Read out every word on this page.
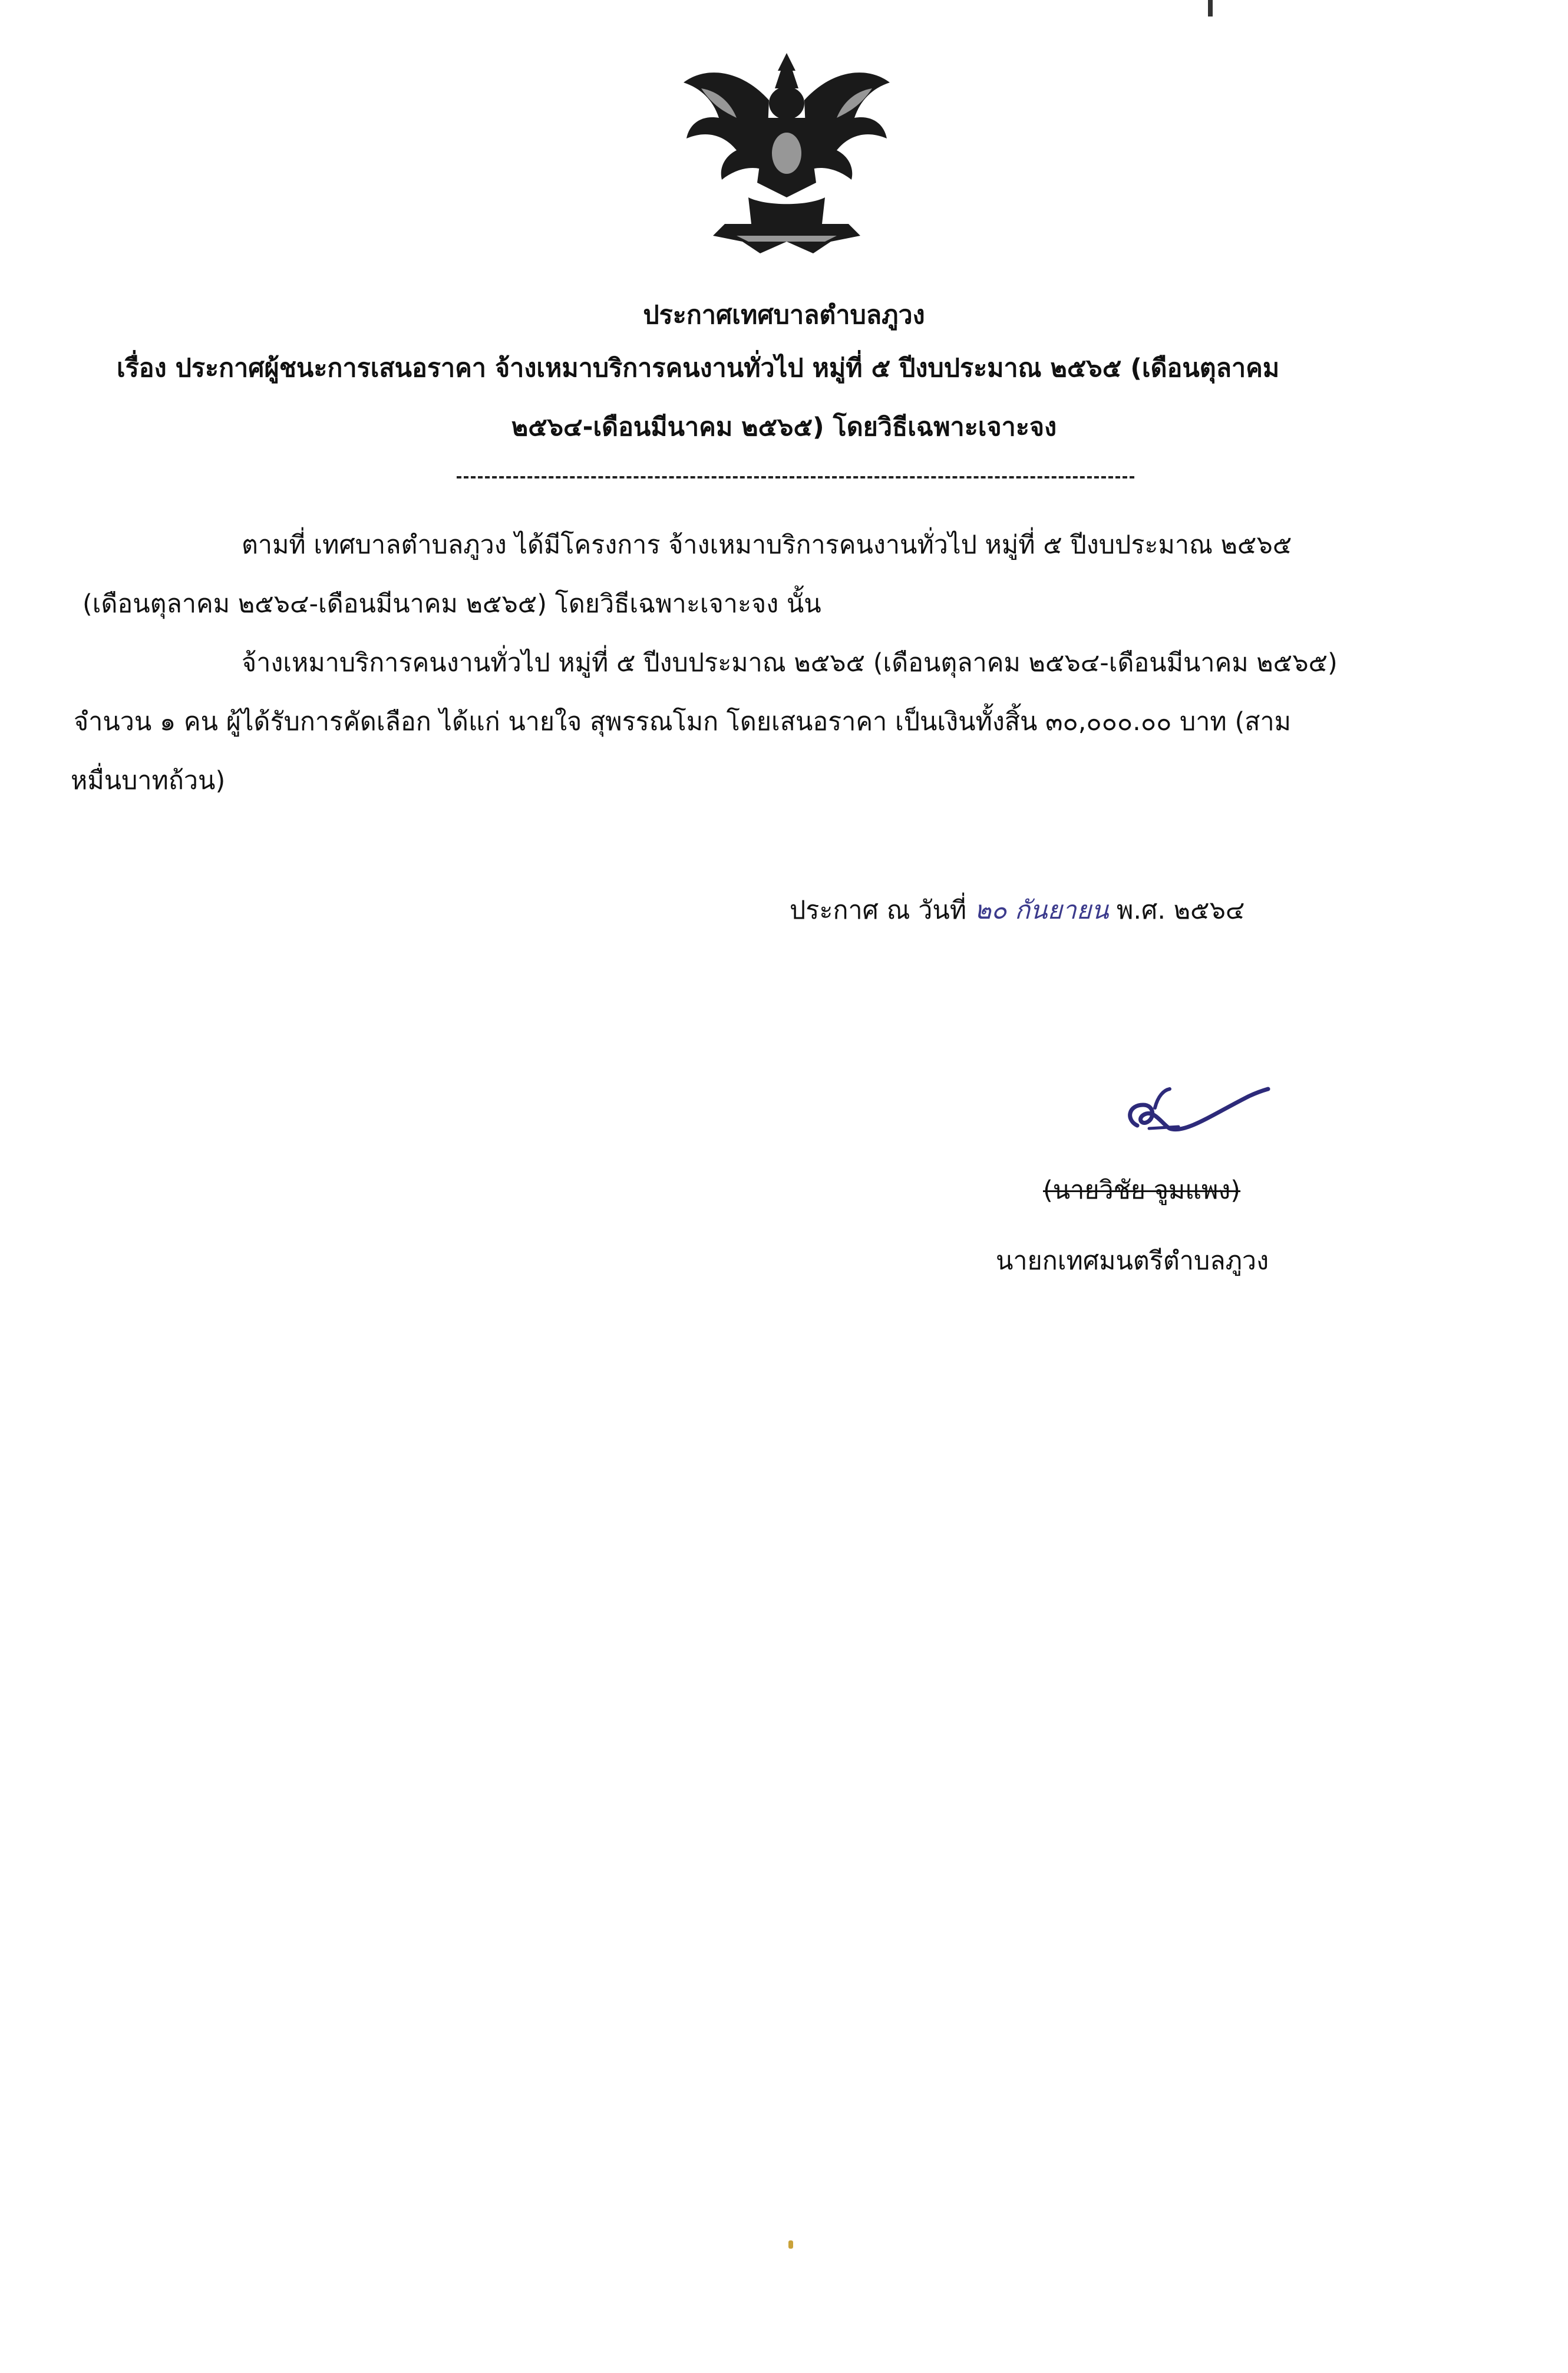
ประกาศเทศบาลตำบลภูวง
เรื่อง ประกาศผู้ชนะการเสนอราคา จ้างเหมาบริการคนงานทั่วไป หมู่ที่ ๕ ปีงบประมาณ ๒๕๖๕ (เดือนตุลาคม
๒๕๖๔-เดือนมีนาคม ๒๕๖๕) โดยวิธีเฉพาะเจาะจง
ตามที่ เทศบาลตำบลภูวง ได้มีโครงการ จ้างเหมาบริการคนงานทั่วไป หมู่ที่ ๕ ปีงบประมาณ ๒๕๖๕
(เดือนตุลาคม ๒๕๖๔-เดือนมีนาคม ๒๕๖๕) โดยวิธีเฉพาะเจาะจง นั้น
จ้างเหมาบริการคนงานทั่วไป หมู่ที่ ๕ ปีงบประมาณ ๒๕๖๕ (เดือนตุลาคม ๒๕๖๔-เดือนมีนาคม ๒๕๖๕)
จำนวน ๑ คน ผู้ได้รับการคัดเลือก ได้แก่ นายใจ สุพรรณโมก โดยเสนอราคา เป็นเงินทั้งสิ้น ๓๐,๐๐๐.๐๐ บาท (สาม
หมื่นบาทถ้วน)
ประกาศ ณ วันที่ ๒๐ กันยายน พ.ศ. ๒๕๖๔
(นายวิชัย จูมแพง)
นายกเทศมนตรีตำบลภูวง
